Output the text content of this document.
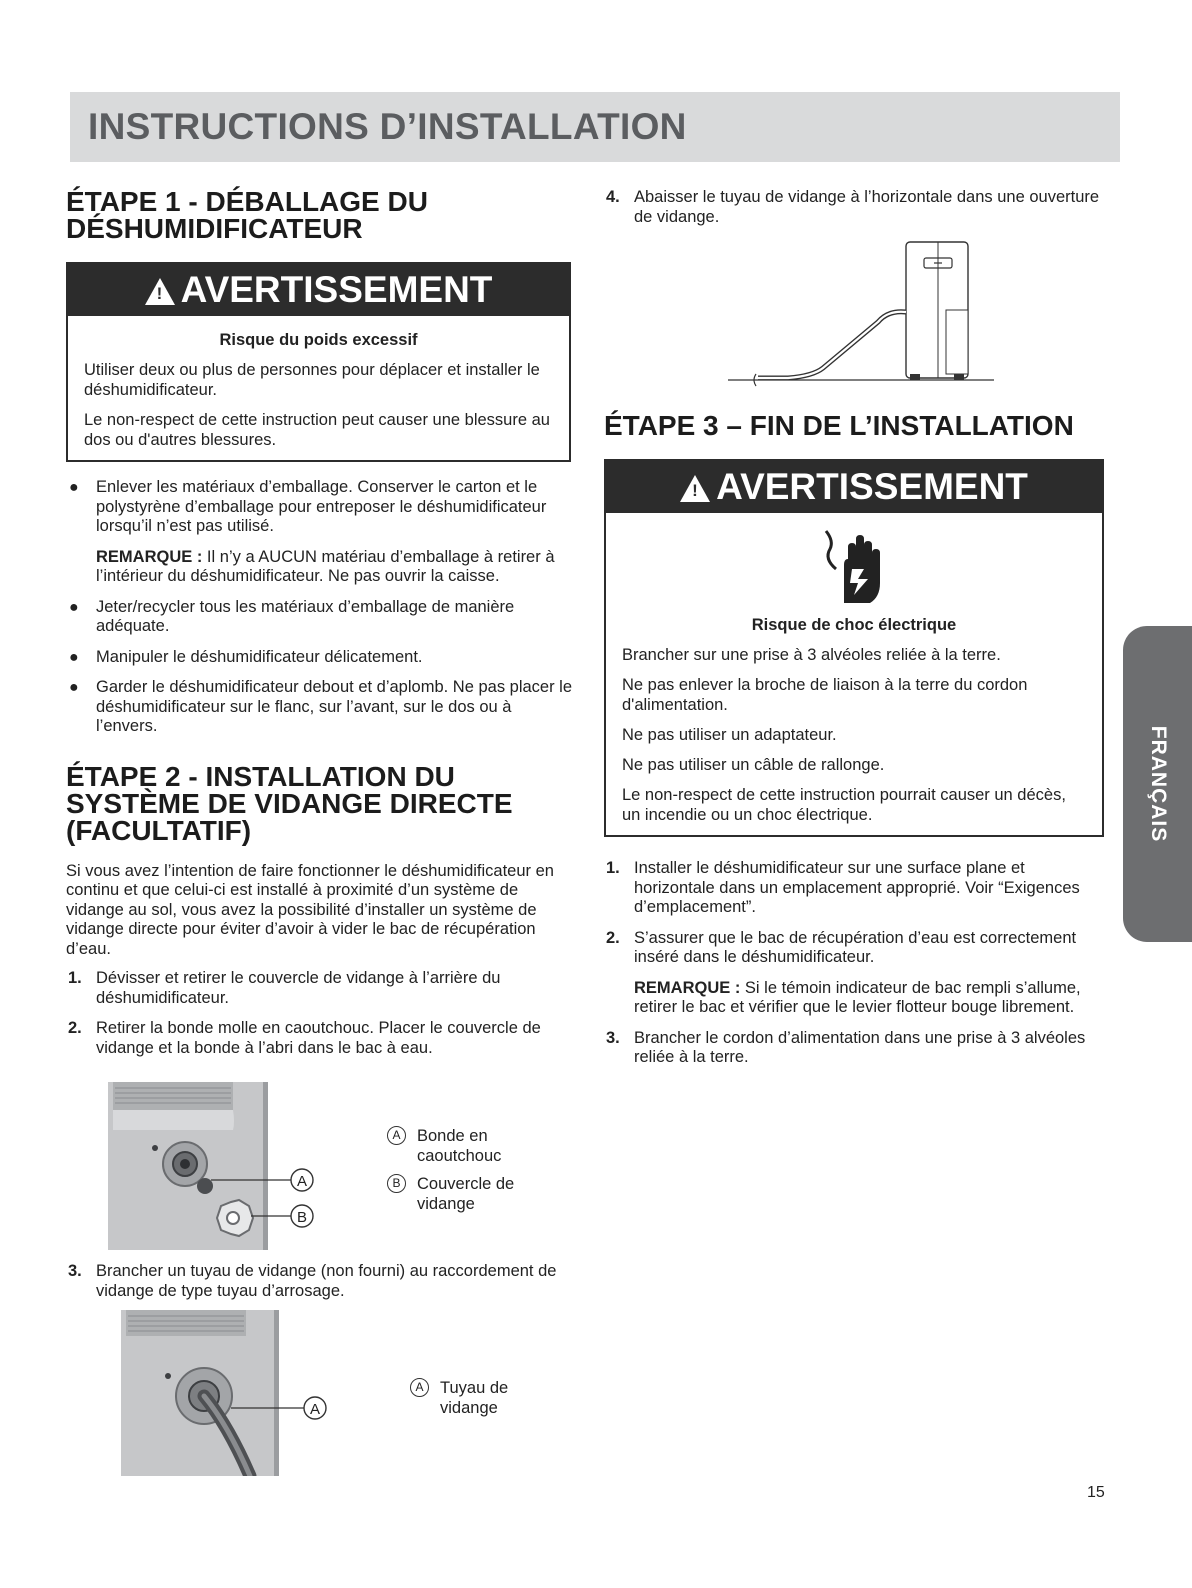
INSTRUCTIONS D’INSTALLATION
ÉTAPE 1 - DÉBALLAGE DU
DÉSHUMIDIFICATEUR
!AVERTISSEMENT
Risque du poids excessif

Utiliser deux ou plus de personnes pour déplacer et installer le déshumidificateur.

Le non-respect de cette instruction peut causer une blessure au dos ou d'autres blessures.

● Enlever les matériaux d’emballage. Conserver le carton et le polystyrène d’emballage pour entreposer le déshumidificateur lorsqu’il n’est pas utilisé.
REMARQUE : Il n’y a AUCUN matériau d’emballage à retirer à l’intérieur du déshumidificateur. Ne pas ouvrir la caisse.
● Jeter/recycler tous les matériaux d’emballage de manière adéquate.
● Manipuler le déshumidificateur délicatement.
● Garder le déshumidificateur debout et d’aplomb. Ne pas placer le déshumidificateur sur le flanc, sur l’avant, sur le dos ou à l’envers.
ÉTAPE 2 - INSTALLATION DU
SYSTÈME DE VIDANGE DIRECTE
(FACULTATIF)

Si vous avez l’intention de faire fonctionner le déshumidificateur en continu et que celui-ci est installé à proximité d’un système de vidange au sol, vous avez la possibilité d’installer un système de vidange directe pour éviter d’avoir à vider le bac de récupération d’eau.

1. Dévisser et retirer le couvercle de vidange à l’arrière du déshumidificateur.
2. Retirer la bonde molle en caoutchouc. Placer le couvercle de vidange et la bonde à l’abri dans le bac à eau.
A
B
A	Bonde en caoutchouc
B	Couvercle de vidange
3. Brancher un tuyau de vidange (non fourni) au raccordement de vidange de type tuyau d’arrosage.
A
A	Tuyau de vidange
4. Abaisser le tuyau de vidange à l’horizontale dans une ouverture de vidange.
ÉTAPE 3 – FIN DE L’INSTALLATION
!AVERTISSEMENT
Risque de choc électrique

Brancher sur une prise à 3 alvéoles reliée à la terre.

Ne pas enlever la broche de liaison à la terre du cordon d'alimentation.

Ne pas utiliser un adaptateur.

Ne pas utiliser un câble de rallonge.

Le non-respect de cette instruction pourrait causer un décès, un incendie ou un choc électrique.

1. Installer le déshumidificateur sur une surface plane et horizontale dans un emplacement approprié. Voir “Exigences d’emplacement”.
2. S’assurer que le bac de récupération d’eau est correctement inséré dans le déshumidificateur.
REMARQUE : Si le témoin indicateur de bac rempli s’allume, retirer le bac et vérifier que le levier flotteur bouge librement.
3. Brancher le cordon d’alimentation dans une prise à 3 alvéoles reliée à la terre.
FRANÇAIS
15
